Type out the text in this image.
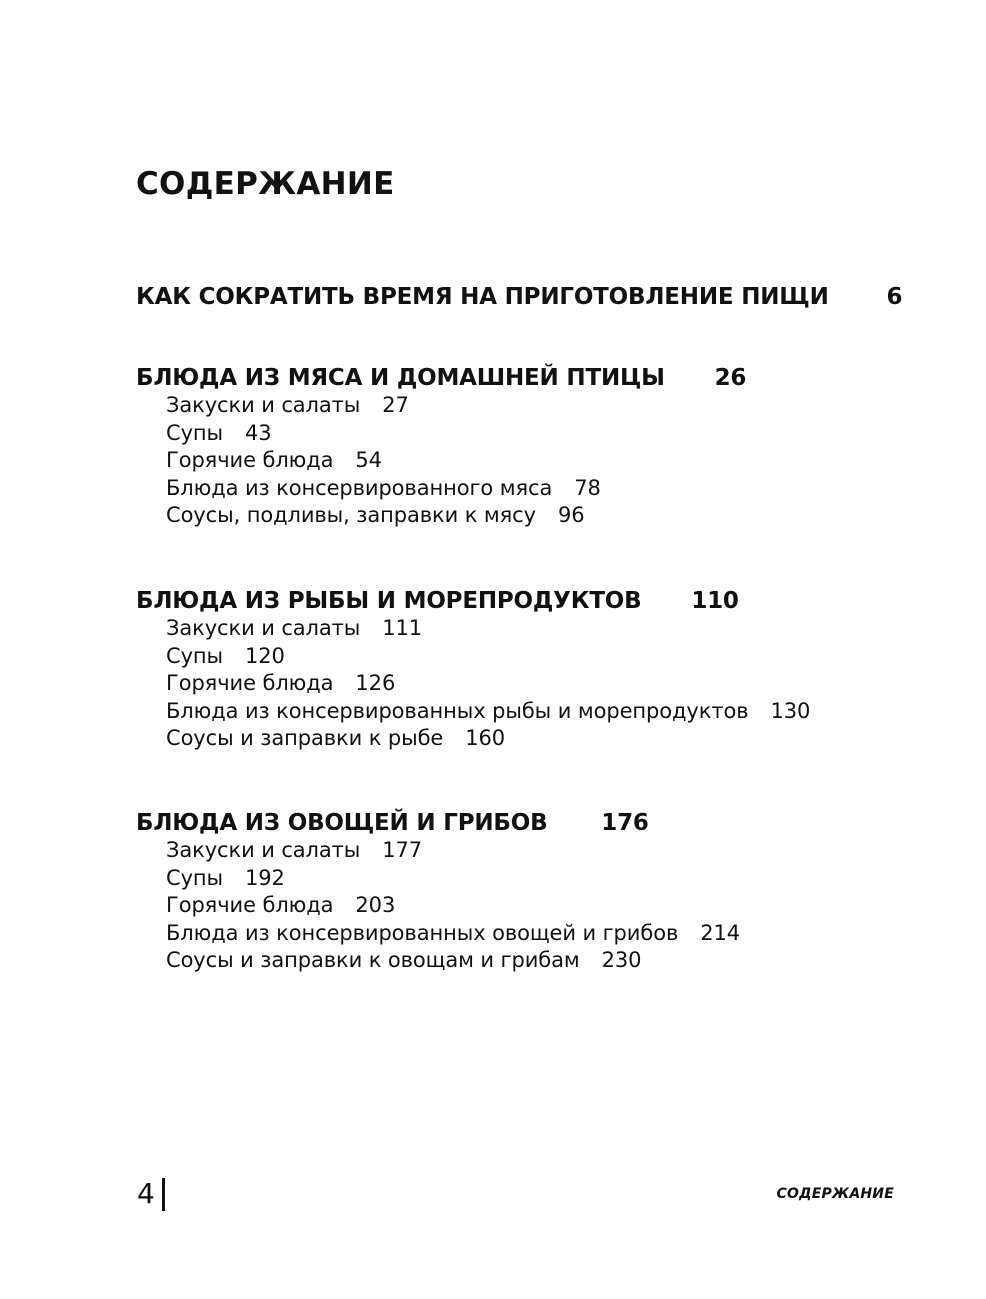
СОДЕРЖАНИЕ
КАК СОКРАТИТЬ ВРЕМЯ НА ПРИГОТОВЛЕНИЕ ПИЩИ	6
БЛЮДА ИЗ МЯСА И ДОМАШНЕЙ ПТИЦЫ 26
Закуски и салаты 27
Супы 43
Горячие блюда 54
Блюда из консервированного мяса 78
Соусы, подливы, заправки к мясу 96
БЛЮДА ИЗ РЫБЫ И МОРЕПРОДУКТОВ 110
Закуски и салаты 111
Супы 120
Горячие блюда 126
Блюда из консервированных рыбы и морепродуктов 130
Соусы и заправки к рыбе 160
БЛЮДА ИЗ ОВОЩЕЙ И ГРИБОВ 176
Закуски и салаты 177
Супы 192
Горячие блюда 203
Блюда из консервированных овощей и грибов 214
Соусы и заправки к овощам и грибам 230
4	СОДЕРЖАНИЕ
